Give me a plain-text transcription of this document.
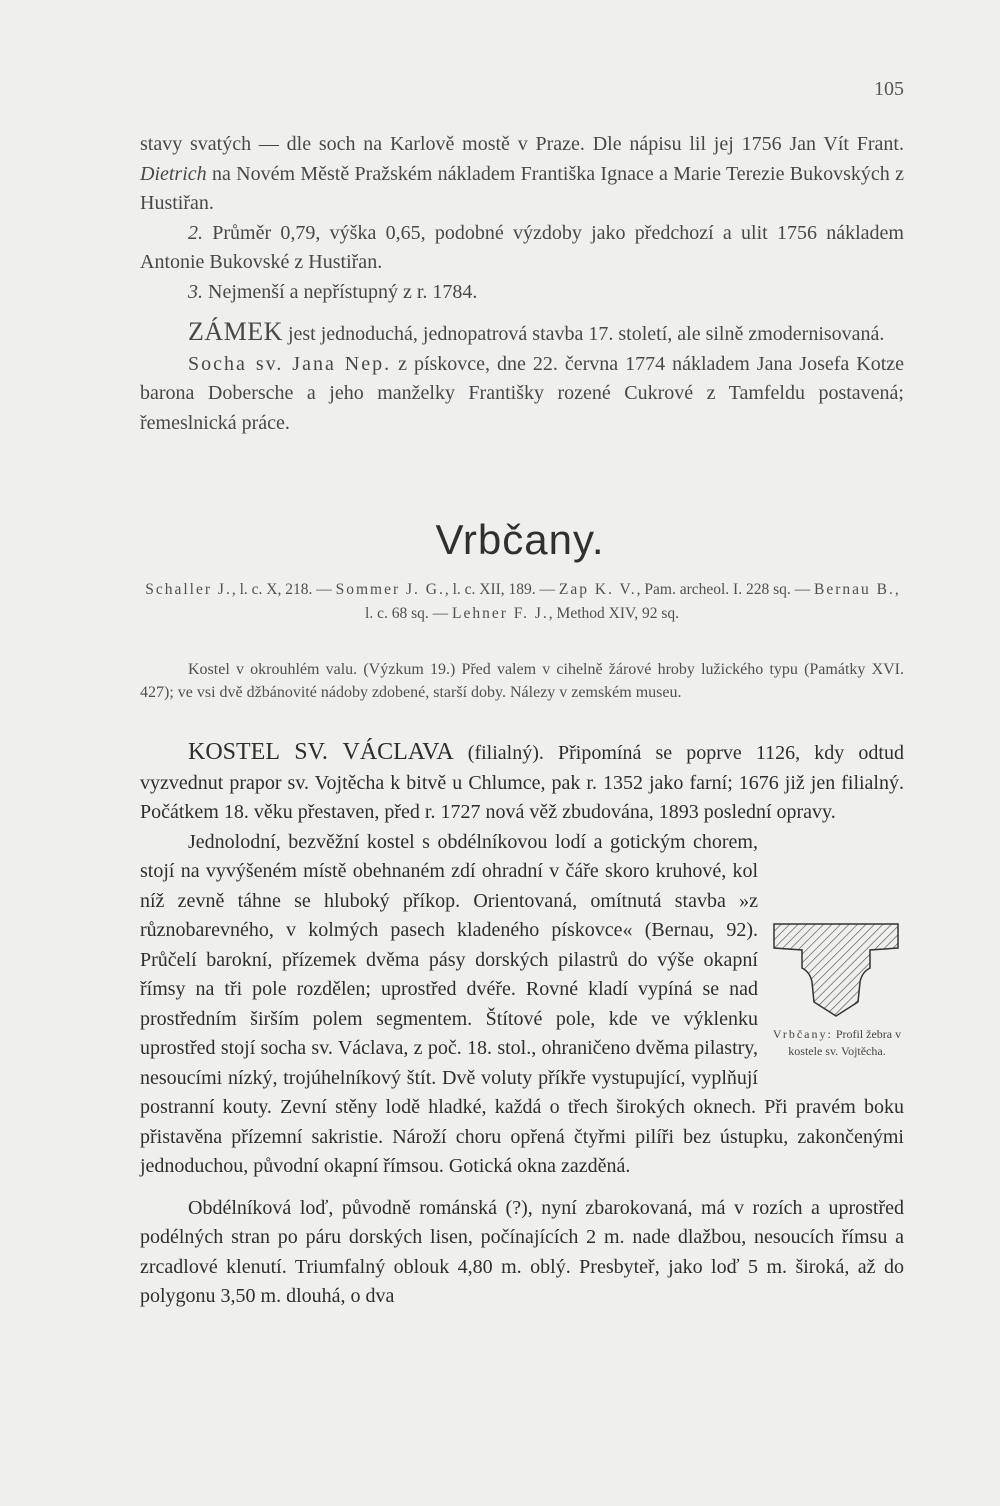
105

stavy svatých — dle soch na Karlově mostě v Praze. Dle nápisu lil jej 1756 Jan Vít Frant. Dietrich na Novém Městě Pražském nákladem Františka Ignace a Marie Terezie Bukovských z Hustiřan.

2. Průměr 0,79, výška 0,65, podobné výzdoby jako předchozí a ulit 1756 nákladem Antonie Bukovské z Hustiřan.

3. Nejmenší a nepřístupný z r. 1784.

ZÁMEK jest jednoduchá, jednopatrová stavba 17. století, ale silně zmodernisovaná.

Socha sv. Jana Nep. z pískovce, dne 22. června 1774 nákladem Jana Josefa Kotze barona Dobersche a jeho manželky Františky rozené Cukrové z Tamfeldu postavená; řemeslnická práce.

Vrbčany.
Schaller J., l. c. X, 218. — Sommer J. G., l. c. XII, 189. — Zap K. V., Pam. archeol. I. 228 sq. — Bernau B., l. c. 68 sq. — Lehner F. J., Method XIV, 92 sq.

Kostel v okrouhlém valu. (Výzkum 19.) Před valem v cihelně žárové hroby lužického typu (Památky XVI. 427); ve vsi dvě džbánovité nádoby zdobené, starší doby. Nálezy v zemském museu.

KOSTEL SV. VÁCLAVA (filialný). Připomíná se poprve 1126, kdy odtud vyzvednut prapor sv. Vojtěcha k bitvě u Chlumce, pak r. 1352 jako farní; 1676 již jen filialný. Počátkem 18. věku přestaven, před r. 1727 nová věž zbudována, 1893 poslední opravy.

Jednolodní, bezvěžní kostel s obdélníkovou lodí a gotickým chorem, stojí na vyvýšeném místě obehnaném zdí ohradní v čáře skoro kruhové, kol níž zevně táhne se hluboký příkop. Orientovaná, omítnutá stavba »z různobarevného, v kolmých pasech kladeného pískovce« (Bernau, 92). Průčelí barokní, přízemek dvěma pásy dorských pilastrů do výše okapní římsy na tři pole rozdělen; uprostřed dvéře. Rovné kladí vypíná se nad prostředním širším polem segmentem. Štítové pole, kde ve výklenku uprostřed stojí socha sv. Václava, z poč. 18. stol., ohraničeno dvěma pilastry, nesoucími nízký, trojúhelníkový štít. Dvě voluty příkře vystupující, vyplňují postranní kouty. Zevní stěny lodě hladké, každá o třech širokých oknech. Při pravém boku přistavěna přízemní sakristie. Nároží choru opřená čtyřmi pilíři bez ústupku, zakončenými jednoduchou, původní okapní římsou. Gotická okna zazděná.

Obdélníková loď, původně románská (?), nyní zbarokovaná, má v rozích a uprostřed podélných stran po páru dorských lisen, počínajících 2 m. nade dlažbou, nesoucích římsu a zrcadlové klenutí. Triumfalný oblouk 4,80 m. oblý. Presbyteř, jako loď 5 m. široká, až do polygonu 3,50 m. dlouhá, o dva

Vrbčany: Profil žebra v kostele sv. Vojtěcha.
